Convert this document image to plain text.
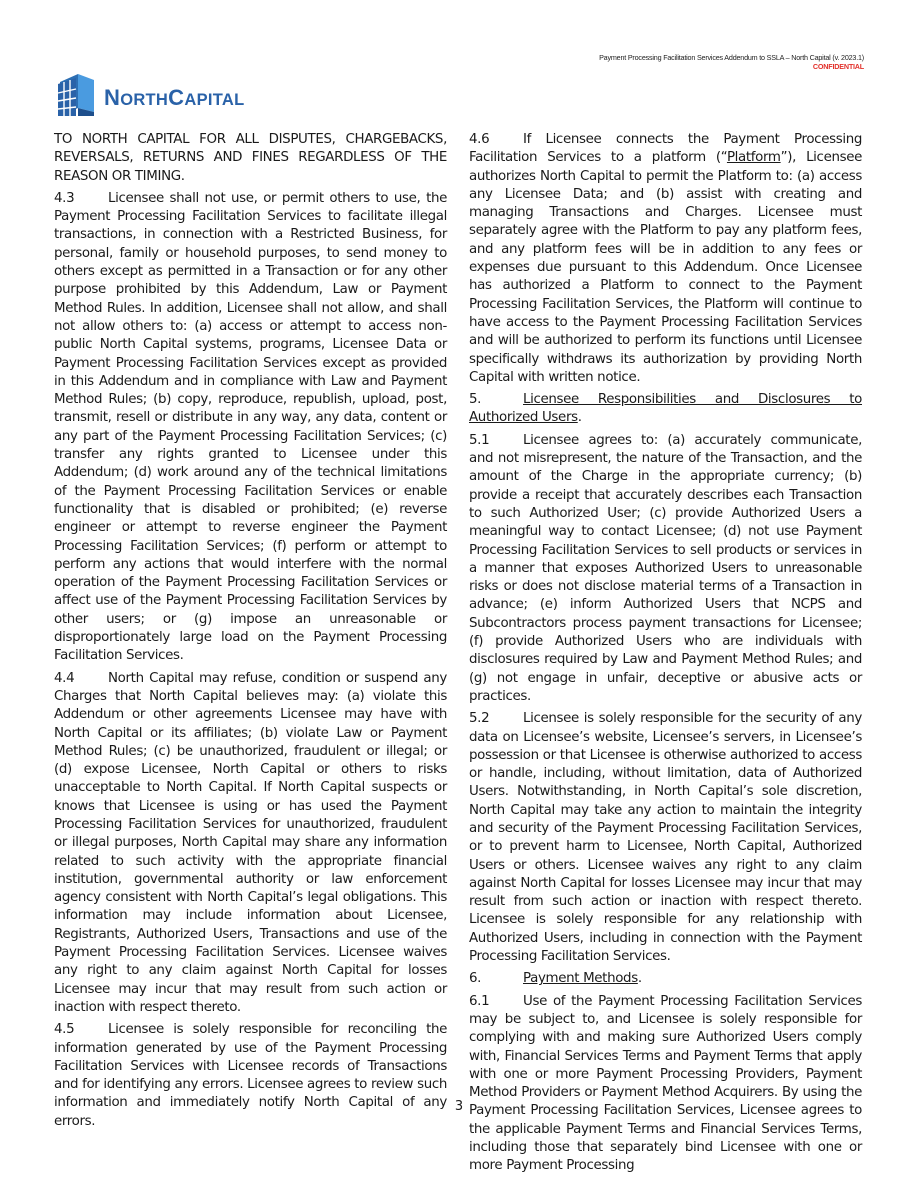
Payment Processing Facilitation Services Addendum to SSLA – North Capital (v. 2023.1)
CONFIDENTIAL
NORTHCAPITAL

TO NORTH CAPITAL FOR ALL DISPUTES, CHARGEBACKS, REVERSALS, RETURNS AND FINES REGARDLESS OF THE REASON OR TIMING.

4.3	Licensee shall not use, or permit others to use, the Payment Processing Facilitation Services to facilitate illegal transactions, in connection with a Restricted Business, for personal, family or household purposes, to send money to others except as permitted in a Transaction or for any other purpose prohibited by this Addendum, Law or Payment Method Rules. In addition, Licensee shall not allow, and shall not allow others to: (a) access or attempt to access non-public North Capital systems, programs, Licensee Data or Payment Processing Facilitation Services except as provided in this Addendum and in compliance with Law and Payment Method Rules; (b) copy, reproduce, republish, upload, post, transmit, resell or distribute in any way, any data, content or any part of the Payment Processing Facilitation Services; (c) transfer any rights granted to Licensee under this Addendum; (d) work around any of the technical limitations of the Payment Processing Facilitation Services or enable functionality that is disabled or prohibited; (e) reverse engineer or attempt to reverse engineer the Payment Processing Facilitation Services; (f) perform or attempt to perform any actions that would interfere with the normal operation of the Payment Processing Facilitation Services or affect use of the Payment Processing Facilitation Services by other users; or (g) impose an unreasonable or disproportionately large load on the Payment Processing Facilitation Services.

4.4	North Capital may refuse, condition or suspend any Charges that North Capital believes may: (a) violate this Addendum or other agreements Licensee may have with North Capital or its affiliates; (b) violate Law or Payment Method Rules; (c) be unauthorized, fraudulent or illegal; or (d) expose Licensee, North Capital or others to risks unacceptable to North Capital. If North Capital suspects or knows that Licensee is using or has used the Payment Processing Facilitation Services for unauthorized, fraudulent or illegal purposes, North Capital may share any information related to such activity with the appropriate financial institution, governmental authority or law enforcement agency consistent with North Capital’s legal obligations. This information may include information about Licensee, Registrants, Authorized Users, Transactions and use of the Payment Processing Facilitation Services. Licensee waives any right to any claim against North Capital for losses Licensee may incur that may result from such action or inaction with respect thereto.

4.5	Licensee is solely responsible for reconciling the information generated by use of the Payment Processing Facilitation Services with Licensee records of Transactions and for identifying any errors. Licensee agrees to review such information and immediately notify North Capital of any errors.

4.6	If Licensee connects the Payment Processing Facilitation Services to a platform (“Platform”), Licensee authorizes North Capital to permit the Platform to: (a) access any Licensee Data; and (b) assist with creating and managing Transactions and Charges. Licensee must separately agree with the Platform to pay any platform fees, and any platform fees will be in addition to any fees or expenses due pursuant to this Addendum. Once Licensee has authorized a Platform to connect to the Payment Processing Facilitation Services, the Platform will continue to have access to the Payment Processing Facilitation Services and will be authorized to perform its functions until Licensee specifically withdraws its authorization by providing North Capital with written notice.

5.	Licensee Responsibilities and Disclosures to Authorized Users.

5.1	Licensee agrees to: (a) accurately communicate, and not misrepresent, the nature of the Transaction, and the amount of the Charge in the appropriate currency; (b) provide a receipt that accurately describes each Transaction to such Authorized User; (c) provide Authorized Users a meaningful way to contact Licensee; (d) not use Payment Processing Facilitation Services to sell products or services in a manner that exposes Authorized Users to unreasonable risks or does not disclose material terms of a Transaction in advance; (e) inform Authorized Users that NCPS and Subcontractors process payment transactions for Licensee; (f) provide Authorized Users who are individuals with disclosures required by Law and Payment Method Rules; and (g) not engage in unfair, deceptive or abusive acts or practices.

5.2	Licensee is solely responsible for the security of any data on Licensee’s website, Licensee’s servers, in Licensee’s possession or that Licensee is otherwise authorized to access or handle, including, without limitation, data of Authorized Users. Notwithstanding, in North Capital’s sole discretion, North Capital may take any action to maintain the integrity and security of the Payment Processing Facilitation Services, or to prevent harm to Licensee, North Capital, Authorized Users or others. Licensee waives any right to any claim against North Capital for losses Licensee may incur that may result from such action or inaction with respect thereto. Licensee is solely responsible for any relationship with Authorized Users, including in connection with the Payment Processing Facilitation Services.

6.	Payment Methods.

6.1	Use of the Payment Processing Facilitation Services may be subject to, and Licensee is solely responsible for complying with and making sure Authorized Users comply with, Financial Services Terms and Payment Terms that apply with one or more Payment Processing Providers, Payment Method Providers or Payment Method Acquirers. By using the Payment Processing Facilitation Services, Licensee agrees to the applicable Payment Terms and Financial Services Terms, including those that separately bind Licensee with one or more Payment Processing

3
